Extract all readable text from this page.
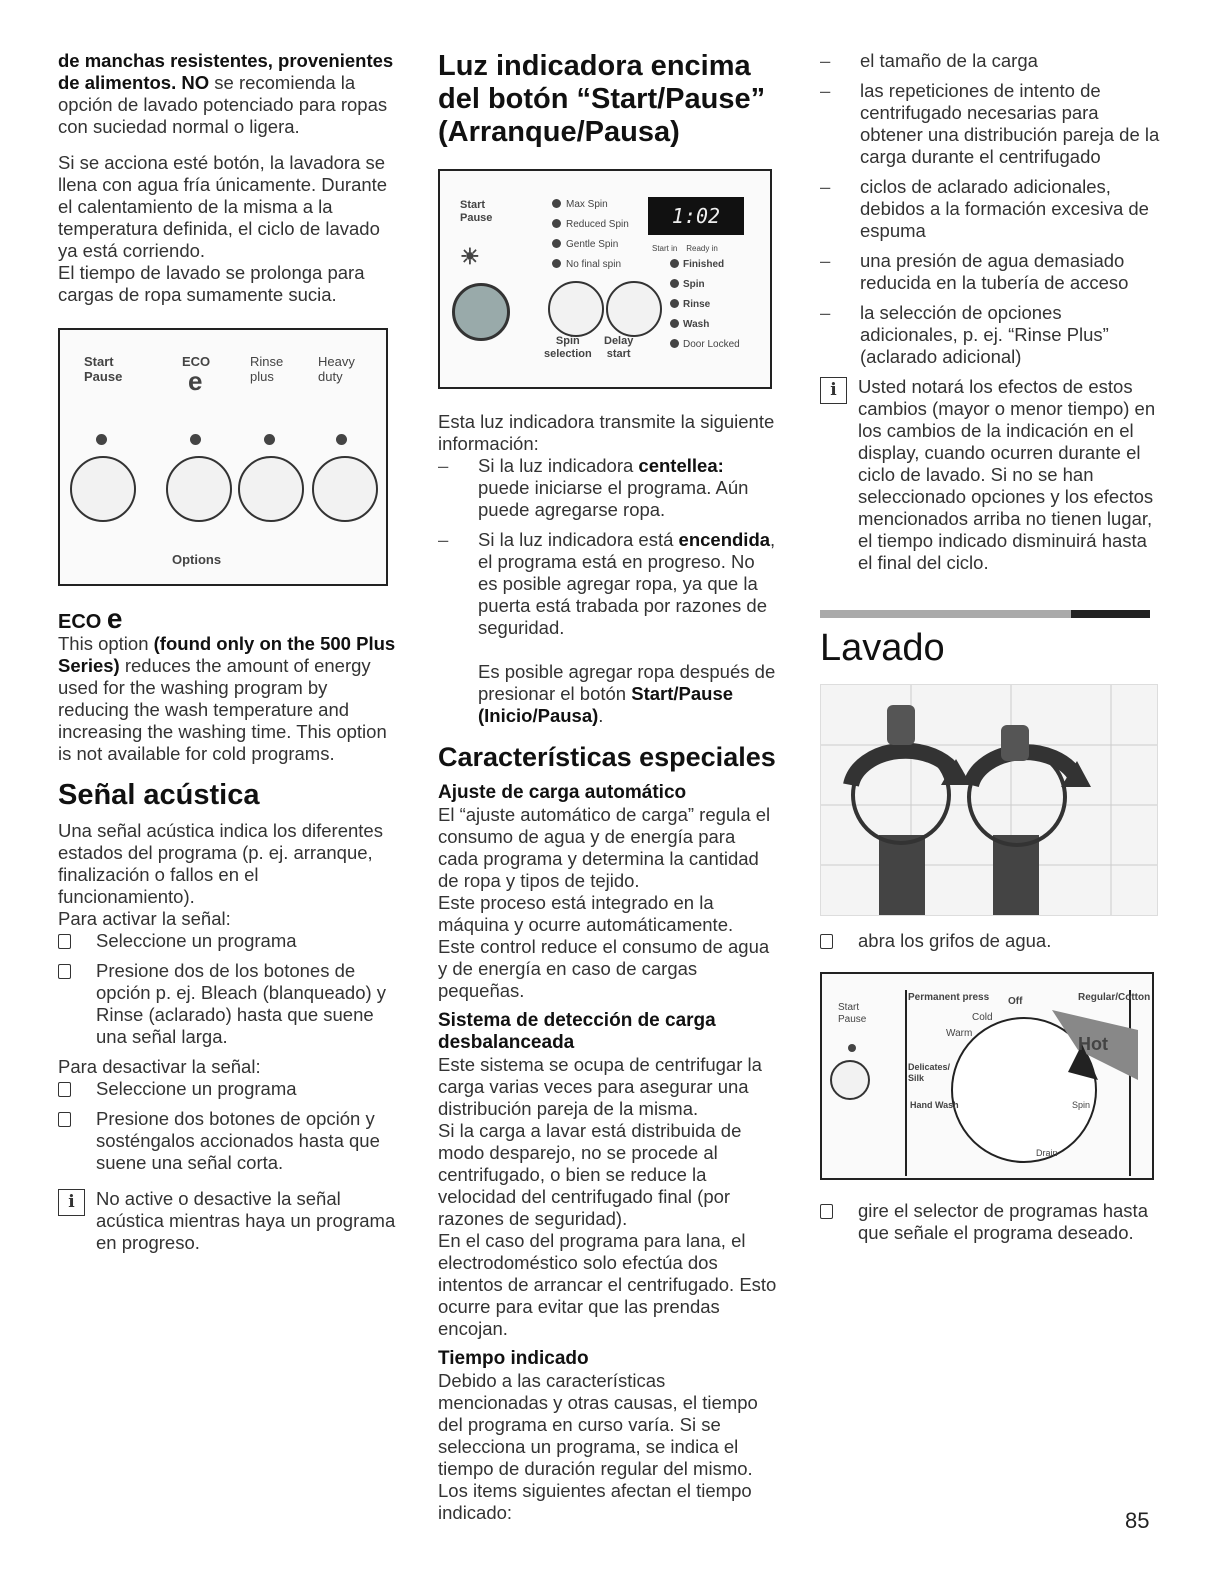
de manchas resistentes, provenientes de alimentos. NO se recomienda la opción de lavado potenciado para ropas con suciedad normal o ligera.

Si se acciona esté botón, la lavadora se llena con agua fría únicamente. Durante el calentamiento de la misma a la temperatura definida, el ciclo de lavado ya está corriendo.

El tiempo de lavado se prolonga para cargas de ropa sumamente sucia.

Start
Pause
ECO
e
Rinse
plus
Heavy
duty
Options
ECO e

This option (found only on the 500 Plus Series) reduces the amount of energy used for the washing program by reducing the wash temperature and increasing the washing time. This option is not available for cold programs.

Señal acústica

Una señal acústica indica los diferentes estados del programa (p. ej. arranque, finalización o fallos en el funcionamiento).

Para activar la señal:

Seleccione un programa

Presione dos de los botones de opción p. ej. Bleach (blanqueado) y Rinse (aclarado) hasta que suene una señal larga.

Para desactivar la señal:

Seleccione un programa

Presione dos botones de opción y sosténgalos accionados hasta que suene una señal corta.

i	No active o desactive la señal acústica mientras haya un programa en progreso.

Luz indicadora encima del botón “Start/Pause” (Arranque/Pausa)
Start
Pause
☀
Max Spin
Reduced Spin
Gentle Spin
No final spin
1:02
Start in    Ready in
Finished
Spin
Rinse
Wash
Door Locked
Spin
selection
Delay
start

Esta luz indicadora transmite la siguiente información:

– Si la luz indicadora centellea: puede iniciarse el programa. Aún puede agregarse ropa.

– Si la luz indicadora está encendida, el programa está en progreso. No es posible agregar ropa, ya que la puerta está trabada por razones de seguridad.

Es posible agregar ropa después de presionar el botón Start/Pause (Inicio/Pausa).

Características especiales
Ajuste de carga automático

El “ajuste automático de carga” regula el consumo de agua y de energía para cada programa y determina la cantidad de ropa y tipos de tejido.

Este proceso está integrado en la máquina y ocurre automáticamente.

Este control reduce el consumo de agua y de energía en caso de cargas pequeñas.

Sistema de detección de carga desbalanceada

Este sistema se ocupa de centrifugar la carga varias veces para asegurar una distribución pareja de la misma.

Si la carga a lavar está distribuida de modo desparejo, no se procede al centrifugado, o bien se reduce la velocidad del centrifugado final (por razones de seguridad).

En el caso del programa para lana, el electrodoméstico solo efectúa dos intentos de arrancar el centrifugado. Esto ocurre para evitar que las prendas encojan.

Tiempo indicado

Debido a las características mencionadas y otras causas, el tiempo del programa en curso varía. Si se selecciona un programa, se indica el tiempo de duración regular del mismo. Los items siguientes afectan el tiempo indicado:

– el tamaño de la carga

– las repeticiones de intento de centrifugado necesarias para obtener una distribución pareja de la carga durante el centrifugado

– ciclos de aclarado adicionales, debidos a la formación excesiva de espuma

– una presión de agua demasiado reducida en la tubería de acceso

– la selección de opciones adicionales, p. ej. “Rinse Plus” (aclarado adicional)

i	Usted notará los efectos de estos cambios (mayor o menor tiempo) en los cambios de la indicación en el display, cuando ocurren durante el ciclo de lavado. Si no se han seleccionado opciones y los efectos mencionados arriba no tienen lugar, el tiempo indicado disminuirá hasta el final del ciclo.

Lavado

abra los grifos de agua.

Start
Pause
Permanent press Off	Regular/Cotton
Cold
Warm
Hot
Delicates/
Silk
Hand Wash	Spin
Drain

gire el selector de programas hasta que señale el programa deseado.

85
